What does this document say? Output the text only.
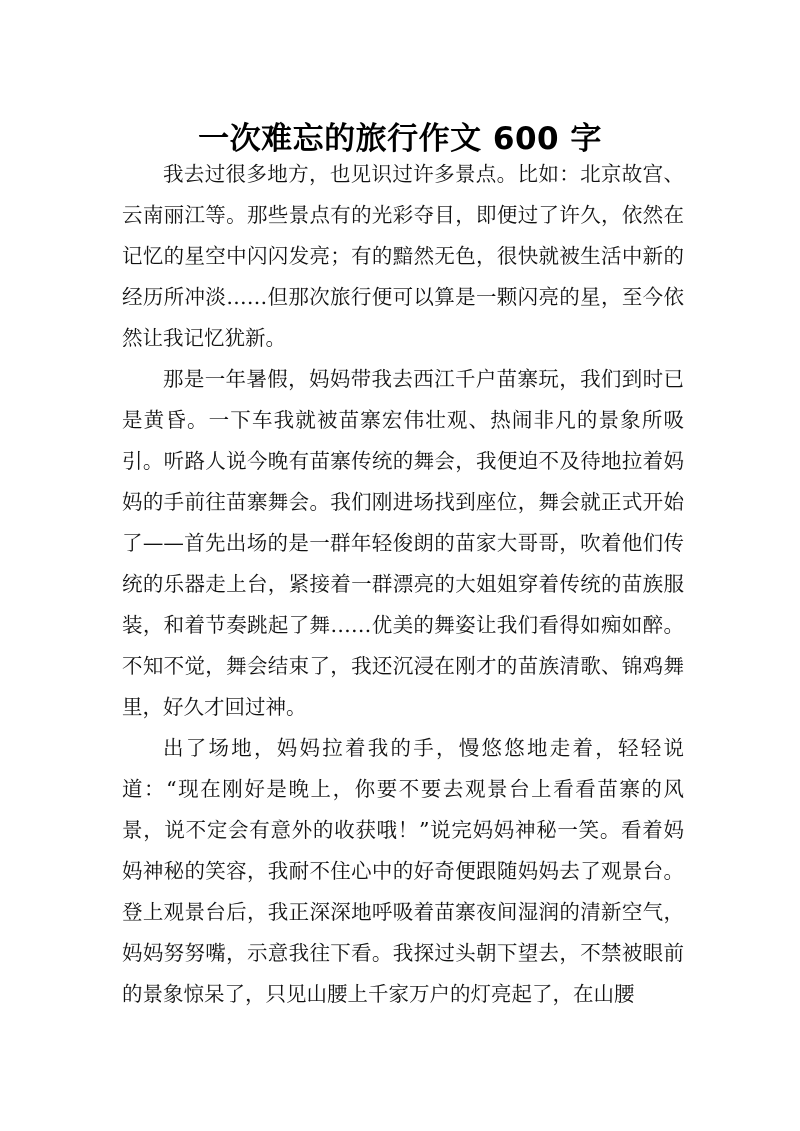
一次难忘的旅行作文 600 字

我去过很多地方，也见识过许多景点。比如：北京故宫、云南丽江等。那些景点有的光彩夺目，即便过了许久，依然在记忆的星空中闪闪发亮；有的黯然无色，很快就被生活中新的经历所冲淡……但那次旅行便可以算是一颗闪亮的星，至今依然让我记忆犹新。

那是一年暑假，妈妈带我去西江千户苗寨玩，我们到时已是黄昏。一下车我就被苗寨宏伟壮观、热闹非凡的景象所吸引。听路人说今晚有苗寨传统的舞会，我便迫不及待地拉着妈妈的手前往苗寨舞会。我们刚进场找到座位，舞会就正式开始了——首先出场的是一群年轻俊朗的苗家大哥哥，吹着他们传统的乐器走上台，紧接着一群漂亮的大姐姐穿着传统的苗族服装，和着节奏跳起了舞……优美的舞姿让我们看得如痴如醉。不知不觉，舞会结束了，我还沉浸在刚才的苗族清歌、锦鸡舞里，好久才回过神。

出了场地，妈妈拉着我的手，慢悠悠地走着，轻轻说道：“现在刚好是晚上，你要不要去观景台上看看苗寨的风景，说不定会有意外的收获哦！”说完妈妈神秘一笑。看着妈妈神秘的笑容，我耐不住心中的好奇便跟随妈妈去了观景台。登上观景台后，我正深深地呼吸着苗寨夜间湿润的清新空气，妈妈努努嘴，示意我往下看。我探过头朝下望去，不禁被眼前的景象惊呆了，只见山腰上千家万户的灯亮起了，在山腰
